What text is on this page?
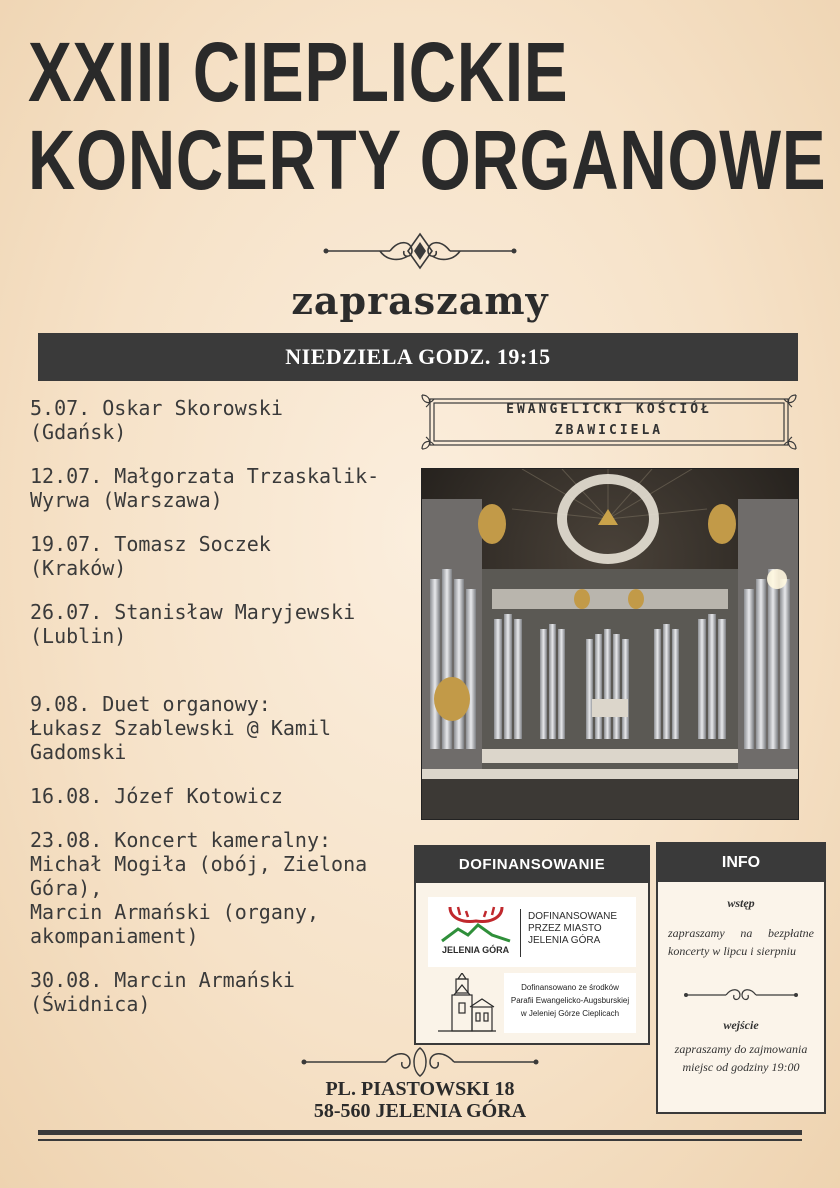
XXIII CIEPLICKIE
KONCERTY ORGANOWE
zapraszamy
NIEDZIELA GODZ. 19:15
5.07. Oskar Skorowski
(Gdańsk)
12.07. Małgorzata Trzaskalik-
Wyrwa (Warszawa)
19.07. Tomasz Soczek
(Kraków)
26.07. Stanisław Maryjewski
(Lublin)
9.08. Duet organowy:
Łukasz Szablewski @ Kamil
Gadomski
16.08. Józef Kotowicz
23.08. Koncert kameralny:
Michał Mogiła (obój, Zielona
Góra),
Marcin Armański (organy,
akompaniament)
30.08. Marcin Armański
(Świdnica)
EWANGELICKI KOŚCIÓŁ
ZBAWICIELA
DOFINANSOWANIE
JELENIA GÓRA
DOFINANSOWANE
PRZEZ MIASTO
JELENIA GÓRA
Dofinansowano ze środków
Parafii Ewangelicko-Augsburskiej
w Jeleniej Górze Cieplicach
INFO
wstęp
zapraszamy na bezpłatne koncerty w lipcu i sierpniu
wejście
zapraszamy do zajmowania miejsc od godziny 19:00
PL. PIASTOWSKI 18
58-560 JELENIA GÓRA
